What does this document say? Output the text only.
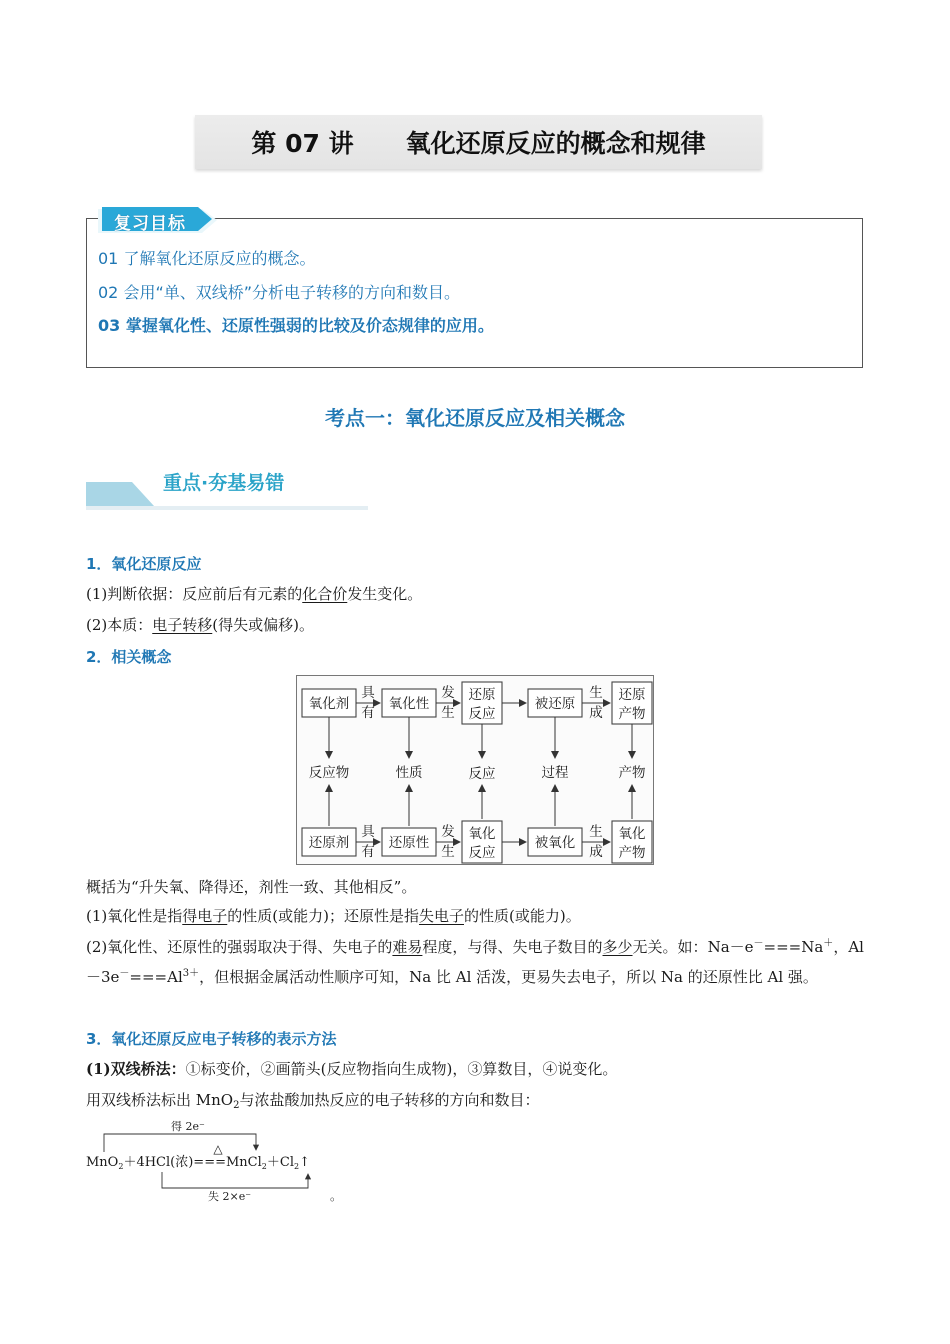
第 07 讲 氧化还原反应的概念和规律
复习目标
01 了解氧化还原反应的概念。
02 会用“单、双线桥”分析电子转移的方向和数目。
03 掌握氧化性、还原性强弱的比较及价态规律的应用。
考点一：氧化还原反应及相关概念
重点·夯基易错
1．氧化还原反应
(1)判断依据：反应前后有元素的化合价发生变化。
(2)本质：电子转移(得失或偏移)。
2．相关概念
氧化剂
具
有
氧化性
发
生
还原
反应
被还原
生
成
还原
产物
反应物	性质	反应	过程	产物
还原剂
具
有
还原性
发
生
氧化
反应
被氧化
生
成
氧化
产物
概括为“升失氧、降得还，剂性一致、其他相反”。
(1)氧化性是指得电子的性质(或能力)；还原性是指失电子的性质(或能力)。
(2)氧化性、还原性的强弱取决于得、失电子的难易程度，与得、失电子数目的多少无关。如：Na－e－===Na＋，$Al-3e^-===Al^{3+}$，但根据金属活动性顺序可知，Na 比 Al 活泼，更易失去电子，所以 Na 的还原性比 Al 强。
3．氧化还原反应电子转移的表示方法
(1)双线桥法：①标变价，②画箭头(反应物指向生成物)，③算数目，④说变化。
用双线桥法标出 MnO$_2$与浓盐酸加热反应的电子转移的方向和数目：
得 2e⁻
△
MnO$_2$＋4HCl(浓)$===MnCl_2+Cl_2↑$
失 2×e⁻	。
